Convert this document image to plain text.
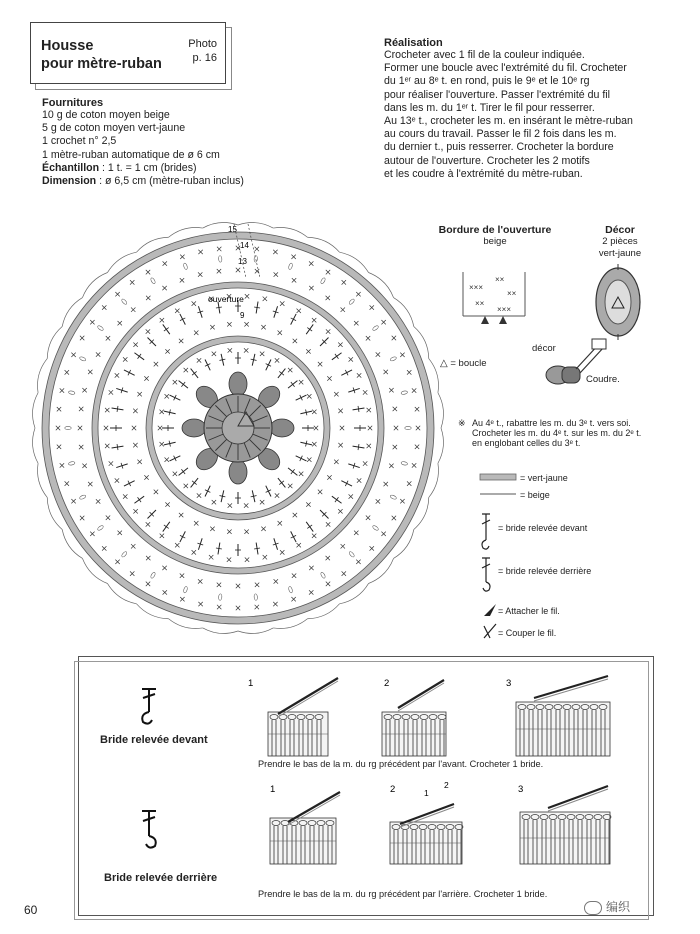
Housse
pour mètre-ruban
Photo
p. 16
Fournitures
10 g de coton moyen beige
5 g de coton moyen vert-jaune
1 crochet n° 2,5
1 mètre-ruban automatique de ø 6 cm
Échantillon : 1 t. = 1 cm (brides)
Dimension : ø 6,5 cm (mètre-ruban inclus)
Réalisation
Crocheter avec 1 fil de la couleur indiquée.
Former une boucle avec l'extrémité du fil. Crocheter
du 1ᵉʳ au 8ᵉ t. en rond, puis le 9ᵉ et le 10ᵉ rg
pour réaliser l'ouverture. Passer l'extrémité du fil
dans les m. du 1ᵉʳ t. Tirer le fil pour resserrer.
Au 13ᵉ t., crocheter les m. en insérant le mètre-ruban
au cours du travail. Passer le fil 2 fois dans les m.
du dernier t., puis resserrer. Crocheter la bordure
autour de l'ouverture. Crocheter les 2 motifs
et les coudre à l'extrémité du mètre-ruban.
15
14
13
9
ouverture
Bordure de l'ouverture
beige
×××
××
××
××
×××
Décor
2 pièces
vert-jaune
décor
Coudre.
△ = boucle
※ Au 4ᵉ t., rabattre les m. du 3ᵉ t. vers soi.
Crocheter les m. du 4ᵉ t. sur les m. du 2ᵉ t.
en englobant celles du 3ᵉ t.
= vert-jaune
= beige
= bride relevée devant
= bride relevée derrière
= Attacher le fil.
= Couper le fil.
Bride relevée devant
Bride relevée derrière
1	2	3
1	2	3
1
2
Prendre le bas de la m. du rg précédent par l'avant. Crocheter 1 bride.
Prendre le bas de la m. du rg précédent par l'arrière. Crocheter 1 bride.
60	编织
